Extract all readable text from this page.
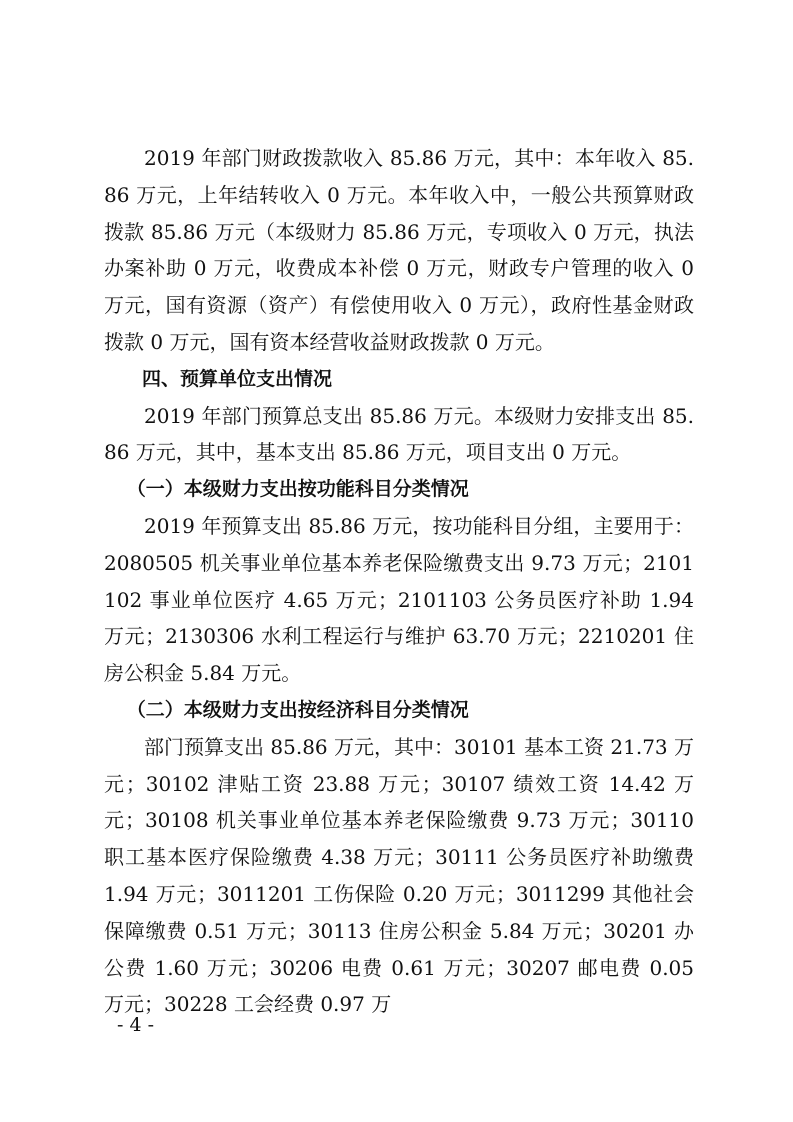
2019 年部门财政拨款收入 85.86 万元，其中：本年收入 85.86 万元，上年结转收入 0 万元。本年收入中，一般公共预算财政拨款 85.86 万元（本级财力 85.86 万元，专项收入 0 万元，执法办案补助 0 万元，收费成本补偿 0 万元，财政专户管理的收入 0 万元，国有资源（资产）有偿使用收入 0 万元），政府性基金财政拨款 0 万元，国有资本经营收益财政拨款 0 万元。

四、预算单位支出情况

2019 年部门预算总支出 85.86 万元。本级财力安排支出 85.86 万元，其中，基本支出 85.86 万元，项目支出 0 万元。

（一）本级财力支出按功能科目分类情况

2019 年预算支出 85.86 万元，按功能科目分组，主要用于：2080505 机关事业单位基本养老保险缴费支出 9.73 万元；2101102 事业单位医疗 4.65 万元；2101103 公务员医疗补助 1.94 万元；2130306 水利工程运行与维护 63.70 万元；2210201 住房公积金 5.84 万元。

（二）本级财力支出按经济科目分类情况

部门预算支出 85.86 万元，其中：30101 基本工资 21.73 万元；30102 津贴工资 23.88 万元；30107 绩效工资 14.42 万元；30108 机关事业单位基本养老保险缴费 9.73 万元；30110 职工基本医疗保险缴费 4.38 万元；30111 公务员医疗补助缴费 1.94 万元；3011201 工伤保险 0.20 万元；3011299 其他社会保障缴费 0.51 万元；30113 住房公积金 5.84 万元；30201 办公费 1.60 万元；30206 电费 0.61 万元；30207 邮电费 0.05 万元；30228 工会经费 0.97 万

- 4 -
